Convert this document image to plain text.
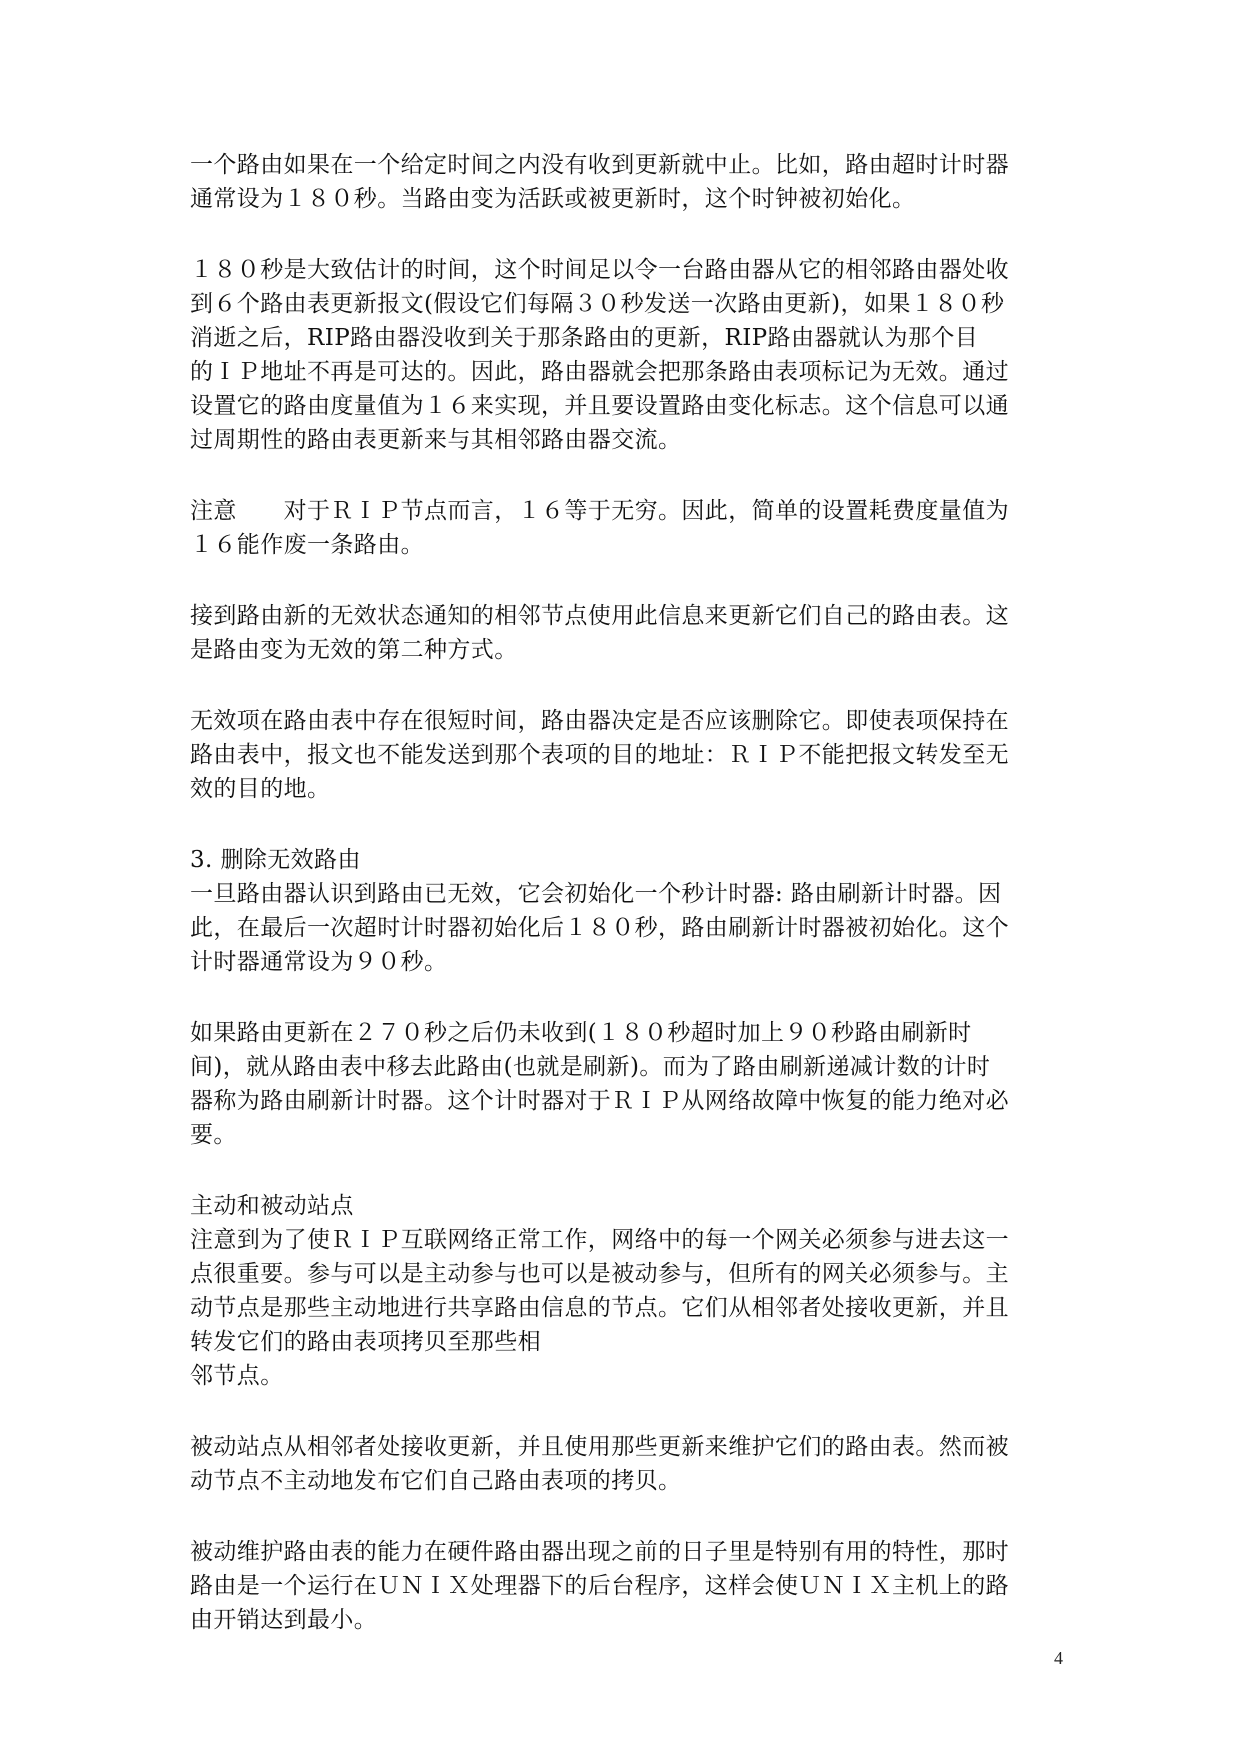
一个路由如果在一个给定时间之内没有收到更新就中止。比如，路由超时计时器
通常设为１８０秒。当路由变为活跃或被更新时，这个时钟被初始化。

１８０秒是大致估计的时间，这个时间足以令一台路由器从它的相邻路由器处收
到６个路由表更新报文(假设它们每隔３０秒发送一次路由更新)，如果１８０秒
消逝之后，RIP路由器没收到关于那条路由的更新，RIP路由器就认为那个目
的ＩＰ地址不再是可达的。因此，路由器就会把那条路由表项标记为无效。通过
设置它的路由度量值为１６来实现，并且要设置路由变化标志。这个信息可以通
过周期性的路由表更新来与其相邻路由器交流。

注意　　对于ＲＩＰ节点而言，１６等于无穷。因此，简单的设置耗费度量值为
１６能作废一条路由。

接到路由新的无效状态通知的相邻节点使用此信息来更新它们自己的路由表。这
是路由变为无效的第二种方式。

无效项在路由表中存在很短时间，路由器决定是否应该删除它。即使表项保持在
路由表中，报文也不能发送到那个表项的目的地址：ＲＩＰ不能把报文转发至无
效的目的地。

3. 删除无效路由

一旦路由器认识到路由已无效，它会初始化一个秒计时器: 路由刷新计时器。因
此，在最后一次超时计时器初始化后１８０秒，路由刷新计时器被初始化。这个
计时器通常设为９０秒。

如果路由更新在２７０秒之后仍未收到(１８０秒超时加上９０秒路由刷新时
间)，就从路由表中移去此路由(也就是刷新)。而为了路由刷新递减计数的计时
器称为路由刷新计时器。这个计时器对于ＲＩＰ从网络故障中恢复的能力绝对必
要。

主动和被动站点

注意到为了使ＲＩＰ互联网络正常工作，网络中的每一个网关必须参与进去这一
点很重要。参与可以是主动参与也可以是被动参与，但所有的网关必须参与。主
动节点是那些主动地进行共享路由信息的节点。它们从相邻者处接收更新，并且
转发它们的路由表项拷贝至那些相
邻节点。

被动站点从相邻者处接收更新，并且使用那些更新来维护它们的路由表。然而被
动节点不主动地发布它们自己路由表项的拷贝。

被动维护路由表的能力在硬件路由器出现之前的日子里是特别有用的特性，那时
路由是一个运行在ＵＮＩＸ处理器下的后台程序，这样会使ＵＮＩＸ主机上的路
由开销达到最小。

4
